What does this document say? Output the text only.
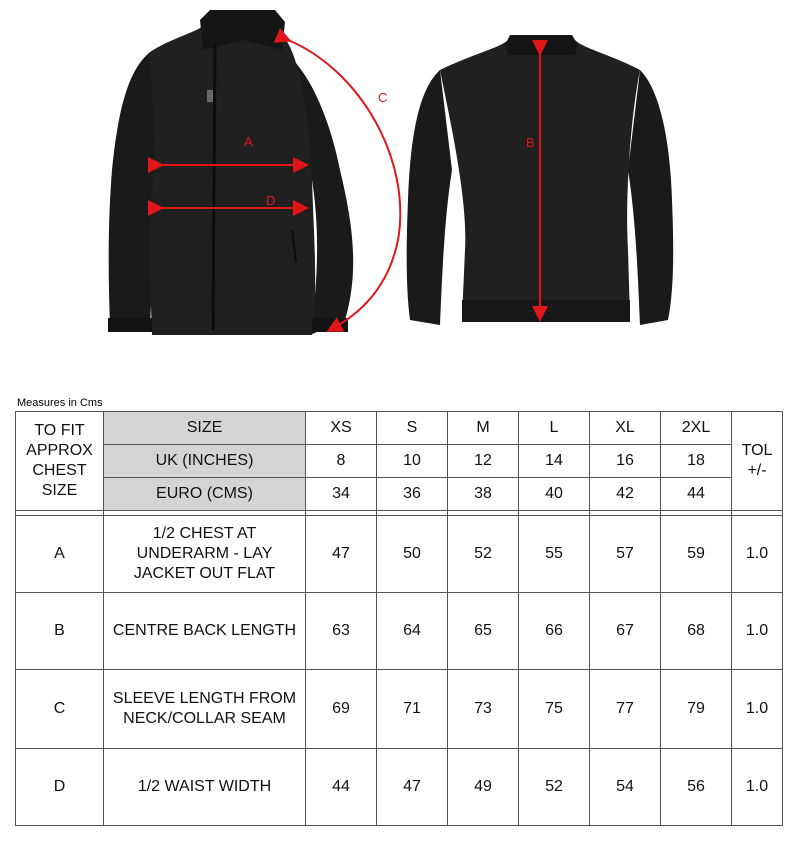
A
D
C
B
Measures in Cms
TO FIT APPROX CHEST SIZE	SIZE	XS	S	M	L	XL	2XL	TOL +/-
	UK (INCHES)	8	10	12	14	16	18	
	EURO (CMS)	34	36	38	40	42	44	

A	1/2 CHEST AT UNDERARM - LAY JACKET OUT FLAT	47	50	52	55	57	59	1.0
B	CENTRE BACK LENGTH	63	64	65	66	67	68	1.0
C	SLEEVE LENGTH FROM NECK/COLLAR SEAM	69	71	73	75	77	79	1.0
D	1/2 WAIST WIDTH	44	47	49	52	54	56	1.0
